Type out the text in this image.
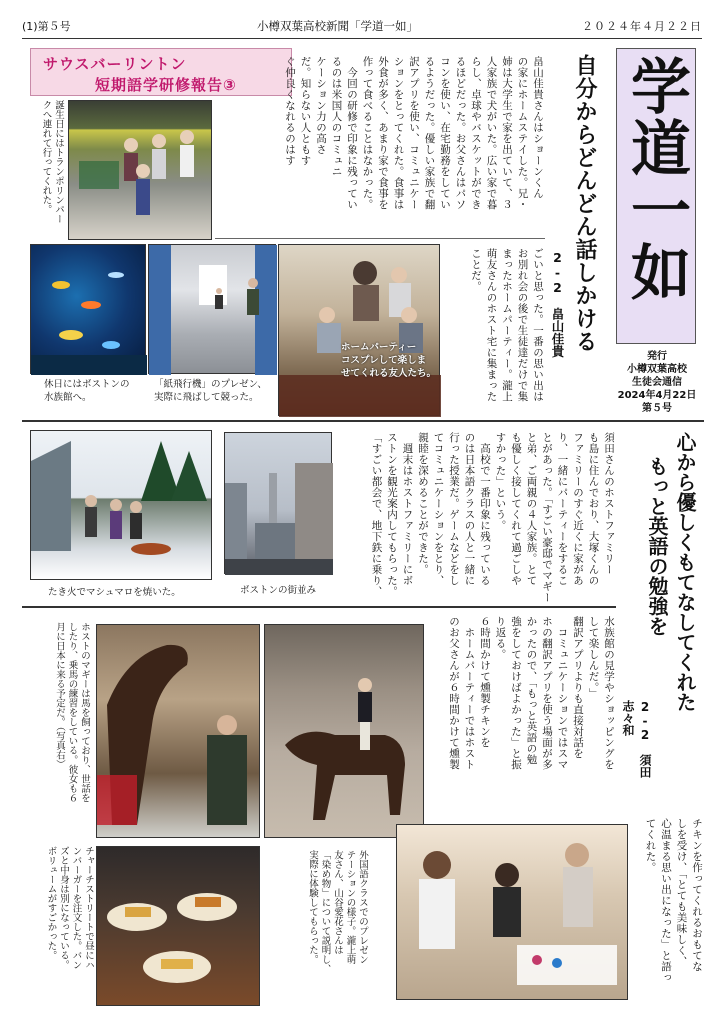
(1)第５号	小樽双葉高校新聞「学道一如」	２０２４年４月２２日
学道一如
発行
小樽双葉高校
生徒会通信
2024年4月22日
第５号
サウスバーリントン
短期語学研修報告③	自分からどんどん話しかける
2-2　畠山佳貴
畠山佳貴さんはショーンくん
の家にホームステイした。兄・
姉は大学生で家を出ていて、３
人家族で犬がいた。広い家で暮
らし、卓球やバスケットができ
るほどだった。お父さんはパソ
コンを使い、在宅勤務をしてい
るようだった。優しい家族で翻
訳アプリを使い、コミュニケー
ションをとってくれた。食事は
外食が多く、あまり家で食事を
作って食べることはなかった。
　今回の研修で印象に残ってい
るのは米国人のコミュニ
ケーション力の高さ
だ。知らない人ともす
ぐ仲良くなれるのはす
ごいと思った。一番の思い出は
お別れ会の後で生徒達だけで集
まったホームパーティー。瀧上
萌友さんのホスト宅に集まった
ことだ。
誕生日にはトランポリンパー
クへ連れて行ってくれた。
休日にはボストンの
水族館へ。
「紙飛行機」のプレゼン、
実際に飛ばして競った。
ホームパーティー
コスプレして楽しま
せてくれる友人たち。
心から優しくもてなしてくれた
もっと英語の勉強を
2-2　須田志々和
須田さんのホストファミリー
も島に住んでおり、大塚くんの
ファミリーのすぐ近くに家があ
り、一緒にパーティーをするこ
とがあった。「すごい豪邸でマギー
と弟、ご両親の４人家族。とて
も優しく接してくれて過ごしや
すかった」という。
　高校で一番印象に残っている
のは日本語クラスの人と一緒に
行った授業だ。ゲームなどをし
てコミュニケーションをとり、
親睦を深めることができた。
　週末はホストファミリーにボ
ストンを観光案内してもらった。
「すごい都会で、地下鉄に乗り、
たき火でマシュマロを焼いた。	ボストンの街並み
水族館の見学やショッピングを
して楽しんだ。」
翻訳アプリよりも直接対話を
　コミュニケーションではスマ
ホの翻訳アプリを使う場面が多
かったので、「もっと英語の勉
強をしておけばよかった」と振
り返る。
６時間かけて燻製チキンを
　ホームパーティーではホスト
のお父さんが６時間かけて燻製
ホストのマギーは馬を飼っており、世話を
したり、乗馬の練習をしている。彼女も６
月に日本に来る予定だ。（写真右）
チャーチストリートで昼にハ
ンバーガーを注文した。バン
ズと中身は別になっている。
ボリュームがすごかった。	外国語クラスでのプレゼン
テーションの様子。瀧上萌
友さん、山谷愛花さんは
「染め物」について説明し、
実際に体験してもらった。	チキンを作ってくれるおもてな
しを受け、「とても美味しく、
心温まる思い出になった」と語っ
てくれた。
